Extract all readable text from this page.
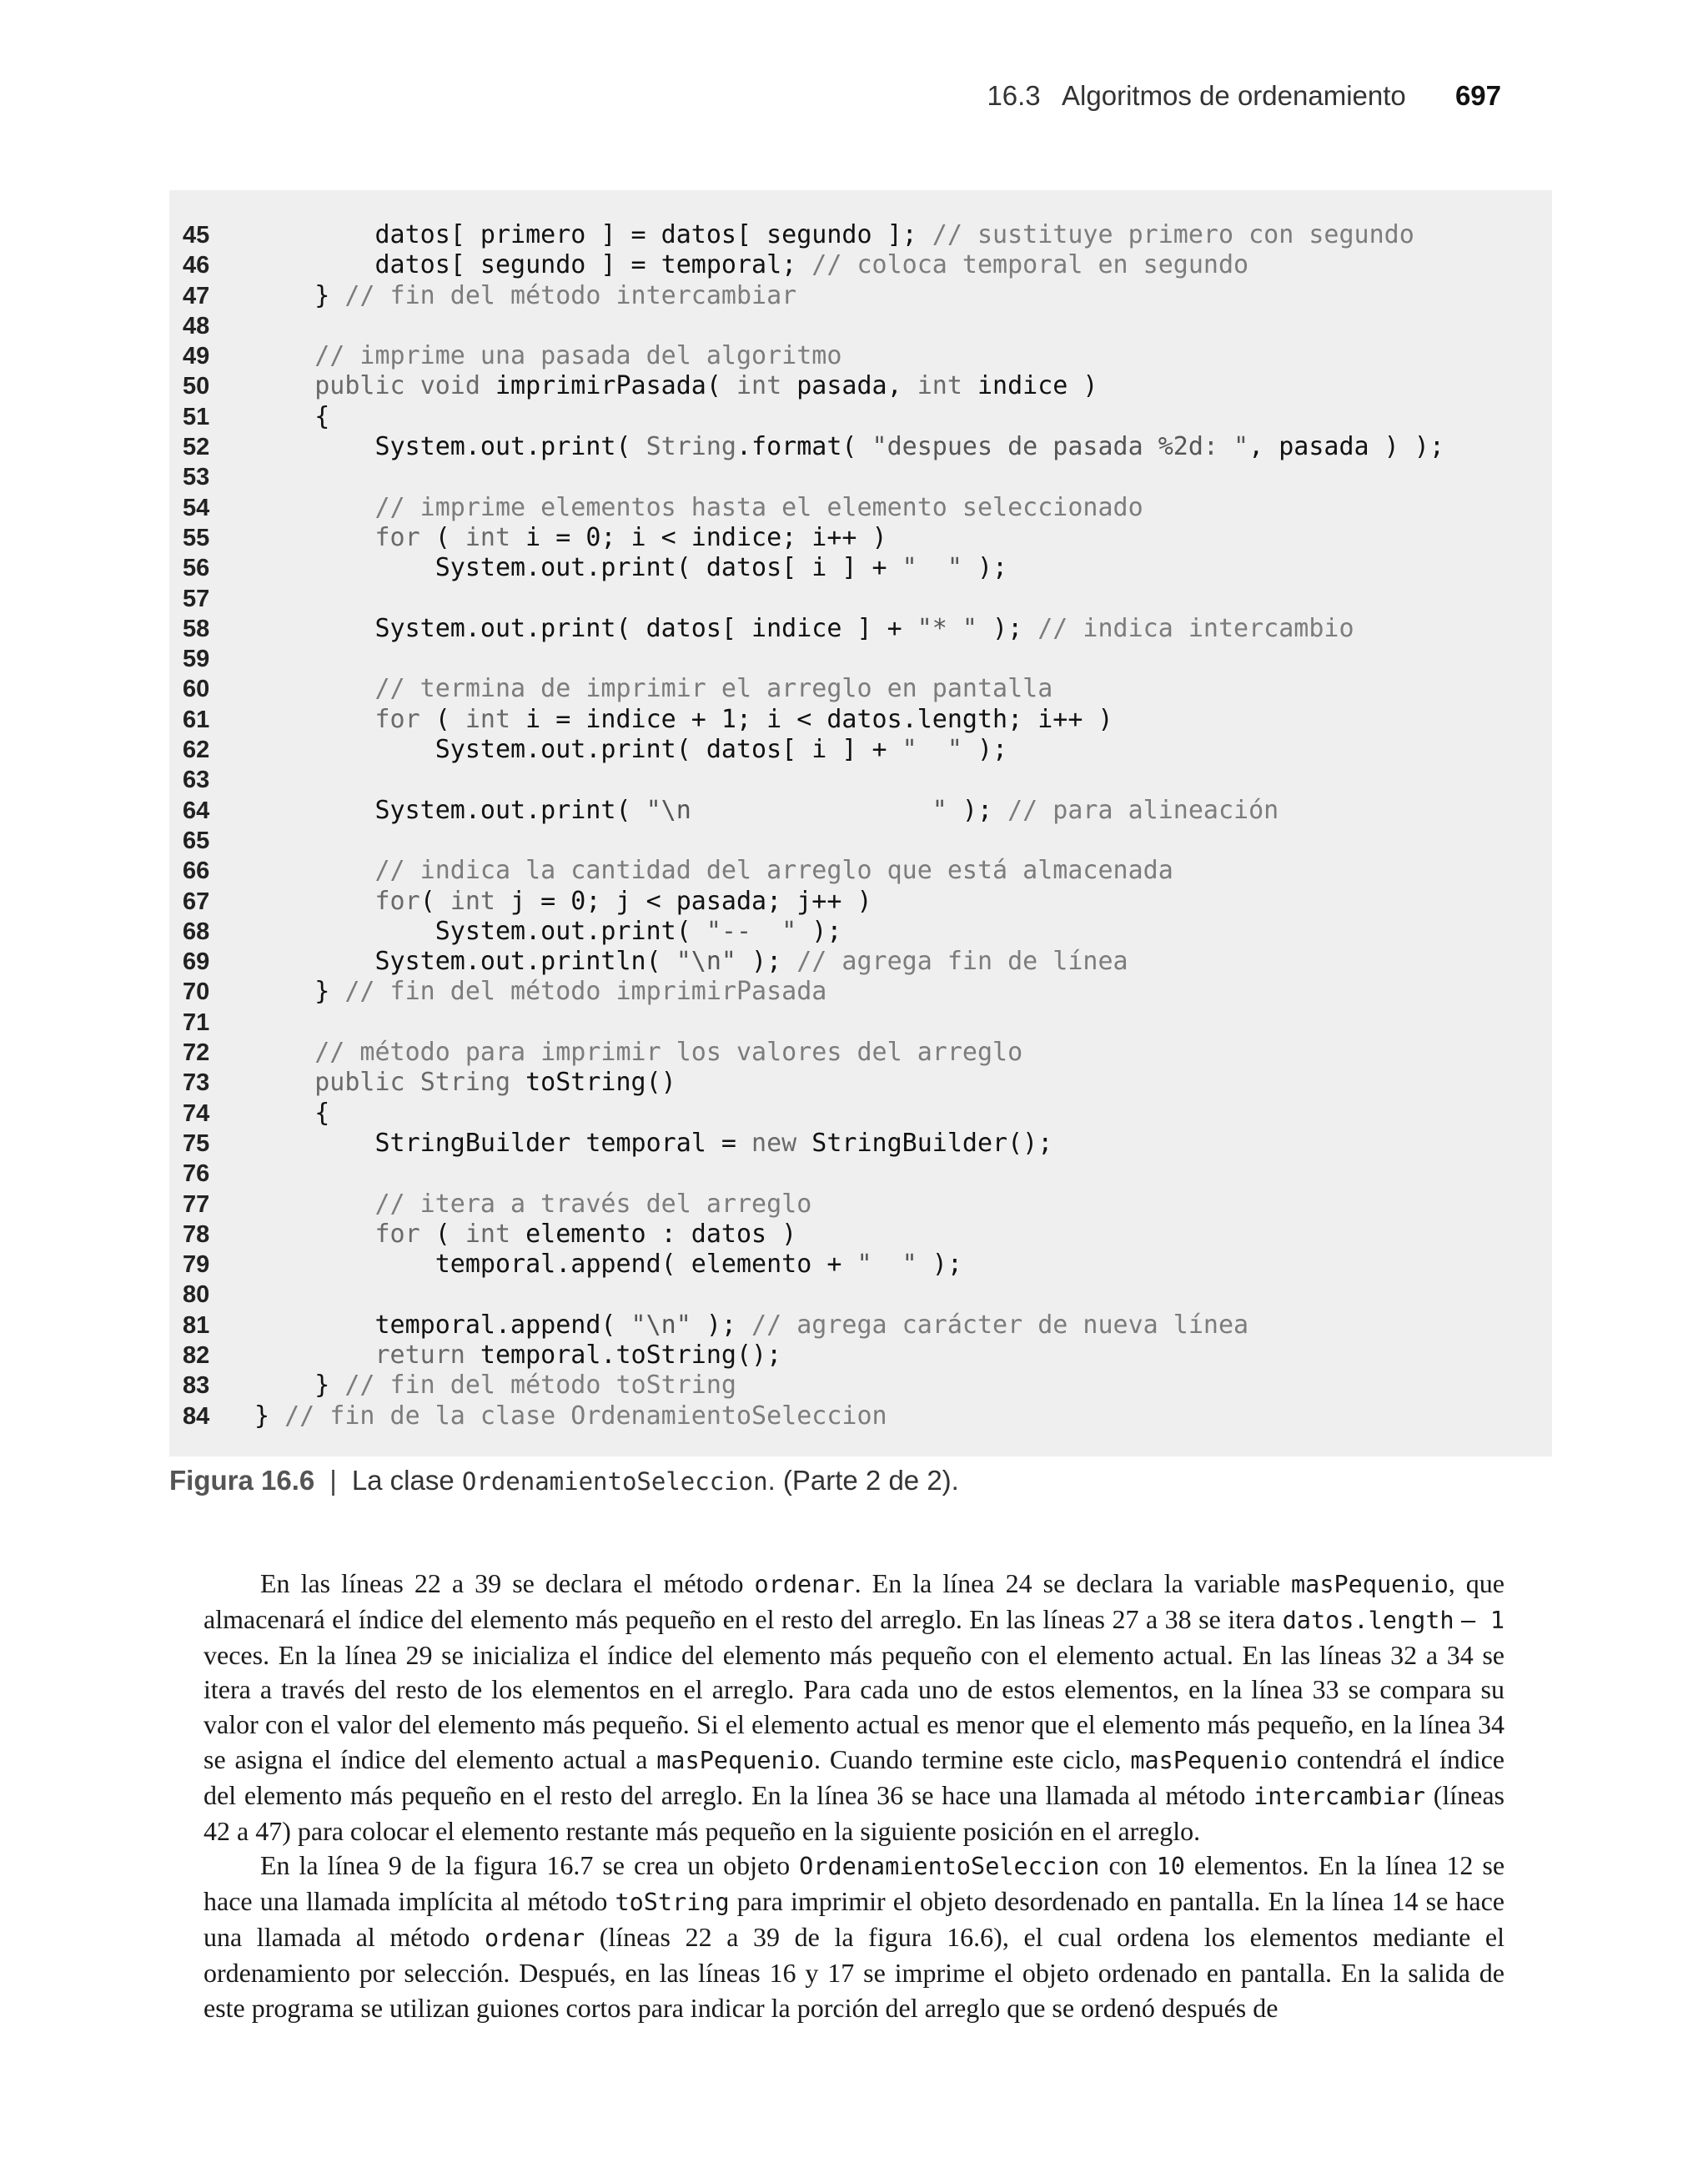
16.3 Algoritmos de ordenamiento 697
45        datos[ primero ] = datos[ segundo ]; // sustituye primero con segundo
46        datos[ segundo ] = temporal; // coloca temporal en segundo
47    } // fin del método intercambiar
48
49	// imprime una pasada del algoritmo
50	public void imprimirPasada( int pasada, int indice )
51    {
52        System.out.print( String.format( "despues de pasada %2d: ", pasada ) );
53
54	// imprime elementos hasta el elemento seleccionado
55	for ( int i = 0; i < indice; i++ )
56            System.out.print( datos[ i ] + "  " );
57
58        System.out.print( datos[ indice ] + "* " ); // indica intercambio
59
60	// termina de imprimir el arreglo en pantalla
61	for ( int i = indice + 1; i < datos.length; i++ )
62            System.out.print( datos[ i ] + "  " );
63
64        System.out.print( "\n                " ); // para alineación
65
66	// indica la cantidad del arreglo que está almacenada
67	for( int j = 0; j < pasada; j++ )
68            System.out.print( "--  " );
69        System.out.println( "\n" ); // agrega fin de línea
70    } // fin del método imprimirPasada
71
72	// método para imprimir los valores del arreglo
73	public String toString()
74    {
75        StringBuilder temporal = new StringBuilder();
76
77	// itera a través del arreglo
78	for ( int elemento : datos )
79            temporal.append( elemento + "  " );
80
81        temporal.append( "\n" ); // agrega carácter de nueva línea
82	return temporal.toString();
83    } // fin del método toString
84 } // fin de la clase OrdenamientoSeleccion
Figura 16.6 | La clase OrdenamientoSeleccion. (Parte 2 de 2).

En las líneas 22 a 39 se declara el método ordenar. En la línea 24 se declara la variable masPequenio, que almacenará el índice del elemento más pequeño en el resto del arreglo. En las líneas 27 a 38 se itera datos.length – 1 veces. En la línea 29 se inicializa el índice del elemento más pequeño con el elemento actual. En las líneas 32 a 34 se itera a través del resto de los elementos en el arreglo. Para cada uno de estos elementos, en la línea 33 se compara su valor con el valor del elemento más pequeño. Si el elemento actual es menor que el elemento más pequeño, en la línea 34 se asigna el índice del elemento actual a masPequenio. Cuando termine este ciclo, masPequenio contendrá el índice del elemento más pequeño en el resto del arreglo. En la línea 36 se hace una llamada al método intercambiar (líneas 42 a 47) para colocar el elemento restante más pequeño en la siguiente posición en el arreglo.

En la línea 9 de la figura 16.7 se crea un objeto OrdenamientoSeleccion con 10 elementos. En la línea 12 se hace una llamada implícita al método toString para imprimir el objeto desordenado en pantalla. En la línea 14 se hace una llamada al método ordenar (líneas 22 a 39 de la figura 16.6), el cual ordena los elementos mediante el ordenamiento por selección. Después, en las líneas 16 y 17 se imprime el objeto ordenado en pantalla. En la salida de este programa se utilizan guiones cortos para indicar la porción del arreglo que se ordenó después de
